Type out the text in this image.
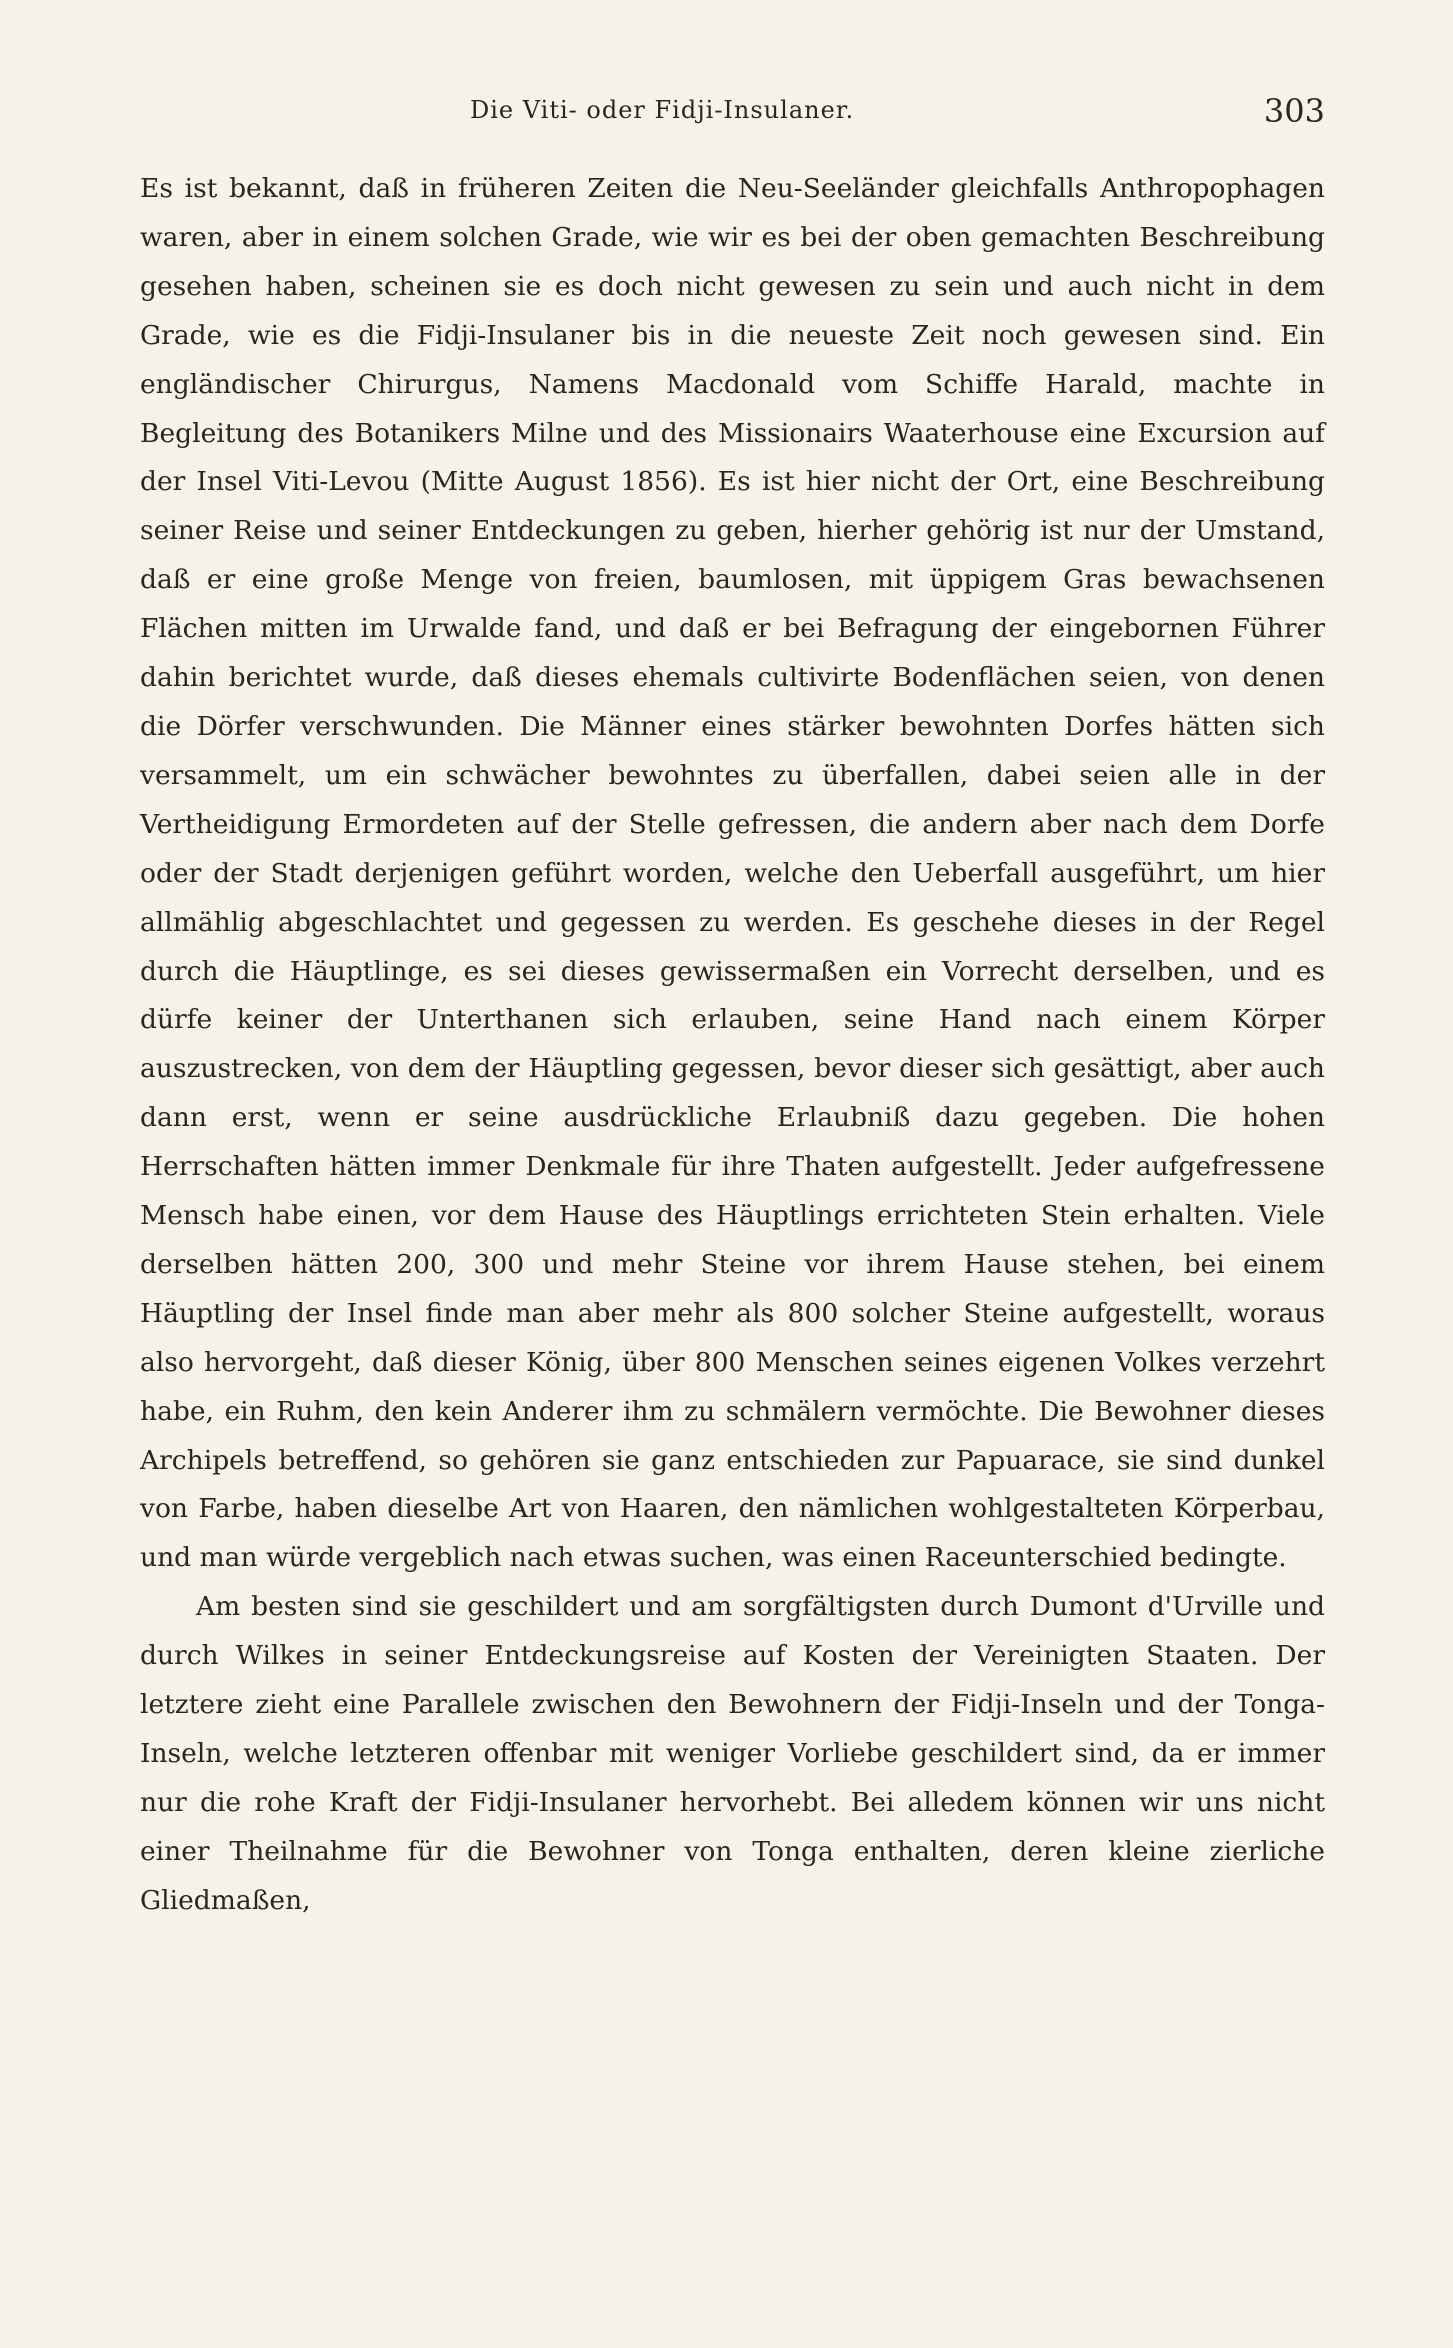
Die Viti- oder Fidji-Insulaner.	303

Es ist bekannt, daß in früheren Zeiten die Neu-Seeländer gleichfalls Anthropophagen waren, aber in einem solchen Grade, wie wir es bei der oben gemachten Beschreibung gesehen haben, scheinen sie es doch nicht gewesen zu sein und auch nicht in dem Grade, wie es die Fidji-Insulaner bis in die neueste Zeit noch gewesen sind. Ein engländischer Chirurgus, Namens Macdonald vom Schiffe Harald, machte in Begleitung des Botanikers Milne und des Missionairs Waaterhouse eine Excursion auf der Insel Viti-Levou (Mitte August 1856). Es ist hier nicht der Ort, eine Beschreibung seiner Reise und seiner Entdeckungen zu geben, hierher gehörig ist nur der Umstand, daß er eine große Menge von freien, baumlosen, mit üppigem Gras bewachsenen Flächen mitten im Urwalde fand, und daß er bei Befragung der eingebornen Führer dahin berichtet wurde, daß dieses ehemals cultivirte Bodenflächen seien, von denen die Dörfer verschwunden. Die Männer eines stärker bewohnten Dorfes hätten sich versammelt, um ein schwächer bewohntes zu überfallen, dabei seien alle in der Vertheidigung Ermordeten auf der Stelle gefressen, die andern aber nach dem Dorfe oder der Stadt derjenigen geführt worden, welche den Ueberfall ausgeführt, um hier allmählig abgeschlachtet und gegessen zu werden. Es geschehe dieses in der Regel durch die Häuptlinge, es sei dieses gewissermaßen ein Vorrecht derselben, und es dürfe keiner der Unterthanen sich erlauben, seine Hand nach einem Körper auszustrecken, von dem der Häuptling gegessen, bevor dieser sich gesättigt, aber auch dann erst, wenn er seine ausdrückliche Erlaubniß dazu gegeben. Die hohen Herrschaften hätten immer Denkmale für ihre Thaten aufgestellt. Jeder aufgefressene Mensch habe einen, vor dem Hause des Häuptlings errichteten Stein erhalten. Viele derselben hätten 200, 300 und mehr Steine vor ihrem Hause stehen, bei einem Häuptling der Insel finde man aber mehr als 800 solcher Steine aufgestellt, woraus also hervorgeht, daß dieser König, über 800 Menschen seines eigenen Volkes verzehrt habe, ein Ruhm, den kein Anderer ihm zu schmälern vermöchte. Die Bewohner dieses Archipels betreffend, so gehören sie ganz entschieden zur Papuarace, sie sind dunkel von Farbe, haben dieselbe Art von Haaren, den nämlichen wohlgestalteten Körperbau, und man würde vergeblich nach etwas suchen, was einen Raceunterschied bedingte.

Am besten sind sie geschildert und am sorgfältigsten durch Dumont d'Urville und durch Wilkes in seiner Entdeckungsreise auf Kosten der Vereinigten Staaten. Der letztere zieht eine Parallele zwischen den Bewohnern der Fidji-Inseln und der Tonga-Inseln, welche letzteren offenbar mit weniger Vorliebe geschildert sind, da er immer nur die rohe Kraft der Fidji-Insulaner hervorhebt. Bei alledem können wir uns nicht einer Theilnahme für die Bewohner von Tonga enthalten, deren kleine zierliche Gliedmaßen,
